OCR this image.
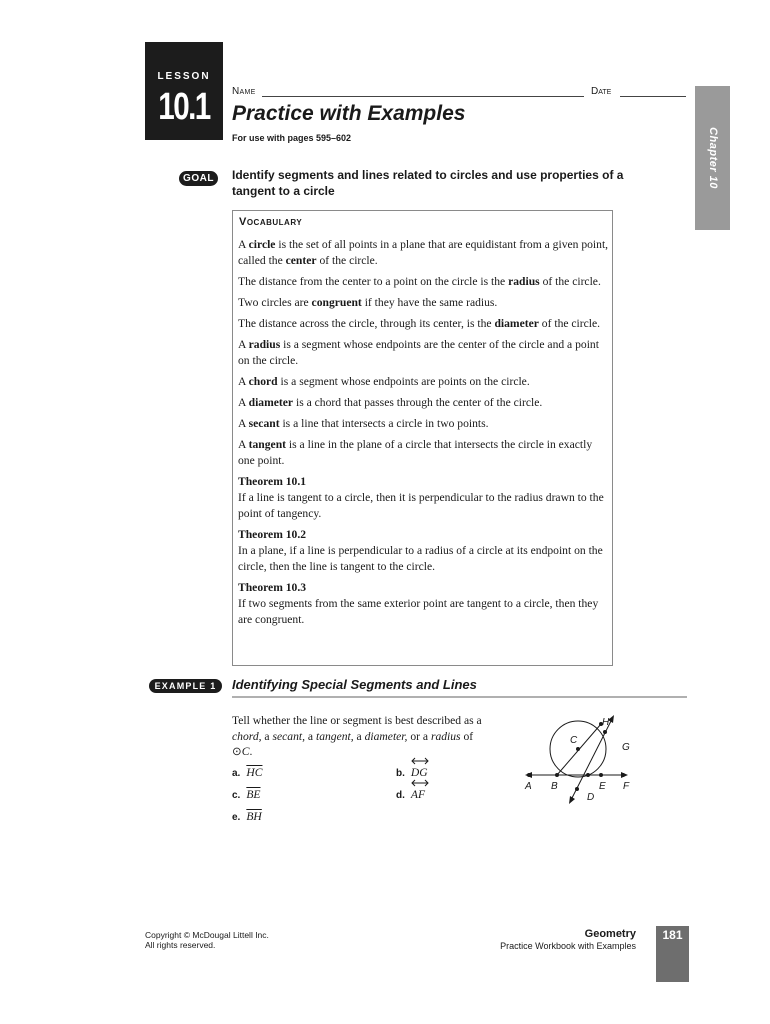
LESSON
10.1	Name	Date
Practice with Examples
For use with pages 595–602	Chapter 10
GOAL	Identify segments and lines related to circles and use properties of a tangent to a circle
Vocabulary

A circle is the set of all points in a plane that are equidistant from a given point, called the center of the circle.

The distance from the center to a point on the circle is the radius of the circle.

Two circles are congruent if they have the same radius.

The distance across the circle, through its center, is the diameter of the circle.

A radius is a segment whose endpoints are the center of the circle and a point on the circle.

A chord is a segment whose endpoints are points on the circle.

A diameter is a chord that passes through the center of the circle.

A secant is a line that intersects a circle in two points.

A tangent is a line in the plane of a circle that intersects the circle in exactly one point.

Theorem 10.1
If a line is tangent to a circle, then it is perpendicular to the radius drawn to the point of tangency.
Theorem 10.2
In a plane, if a line is perpendicular to a radius of a circle at its endpoint on the circle, then the line is tangent to the circle.
Theorem 10.3
If two segments from the same exterior point are tangent to a circle, then they are congruent.
EXAMPLE 1	Identifying Special Segments and Lines
Tell whether the line or segment is best described as a chord, a secant, a tangent, a diameter, or a radius of ⊙C.
a. $\overline{HC}$	b. DG
c. $\overline{BE}$	d. AF
e. $\overline{BH}$
H
C
G
A B	E F
D
Copyright © McDougal Littell Inc.
All rights reserved.
Geometry
Practice Workbook with Examples
181
